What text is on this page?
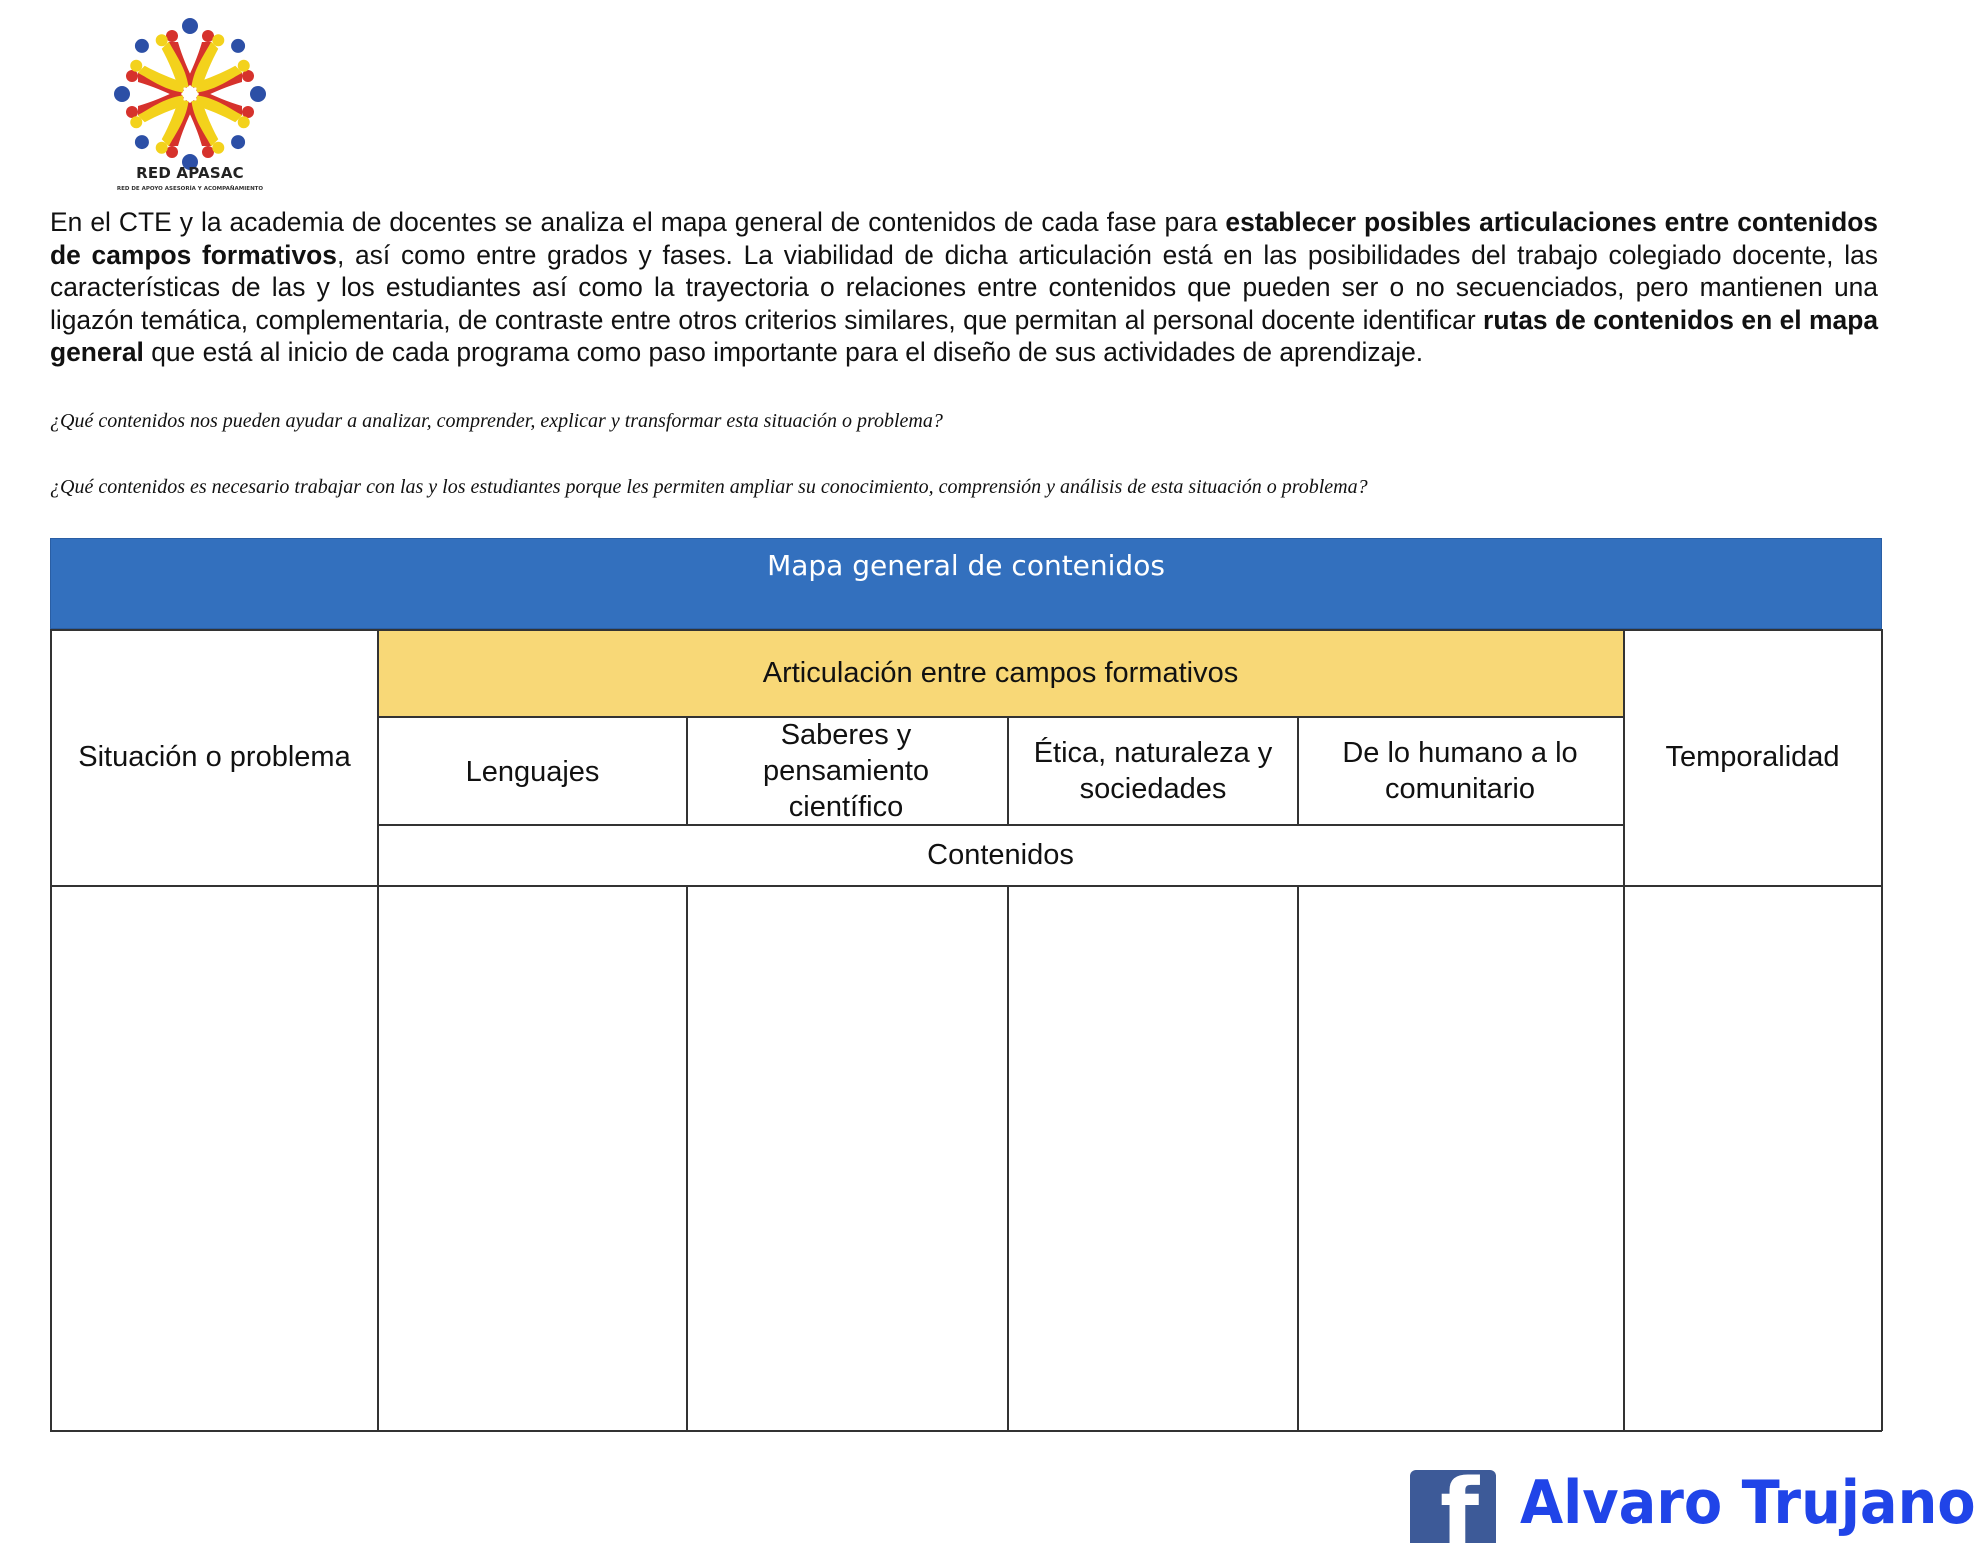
RED APASAC
RED DE APOYO ASESORÍA Y ACOMPAÑAMIENTO
En el CTE y la academia de docentes se analiza el mapa general de contenidos de cada fase para establecer posibles articulaciones entre contenidos de campos formativos, así como entre grados y fases. La viabilidad de dicha articulación está en las posibilidades del trabajo colegiado docente, las características de las y los estudiantes así como la trayectoria o relaciones entre contenidos que pueden ser o no secuenciados, pero mantienen una ligazón temática, complementaria, de contraste entre otros criterios similares, que permitan al personal docente identificar rutas de contenidos en el mapa general que está al inicio de cada programa como paso importante para el diseño de sus actividades de aprendizaje.
¿Qué contenidos nos pueden ayudar a analizar, comprender, explicar y transformar esta situación o problema?
¿Qué contenidos es necesario trabajar con las y los estudiantes porque les permiten ampliar su conocimiento, comprensión y análisis de esta situación o problema?
Mapa general de contenidos
Situación o problema
Articulación entre campos formativos
Lenguajes
Saberes y pensamiento científico
Ética, naturaleza y sociedades
De lo humano a lo comunitario
Contenidos
Temporalidad
f Alvaro Trujano
